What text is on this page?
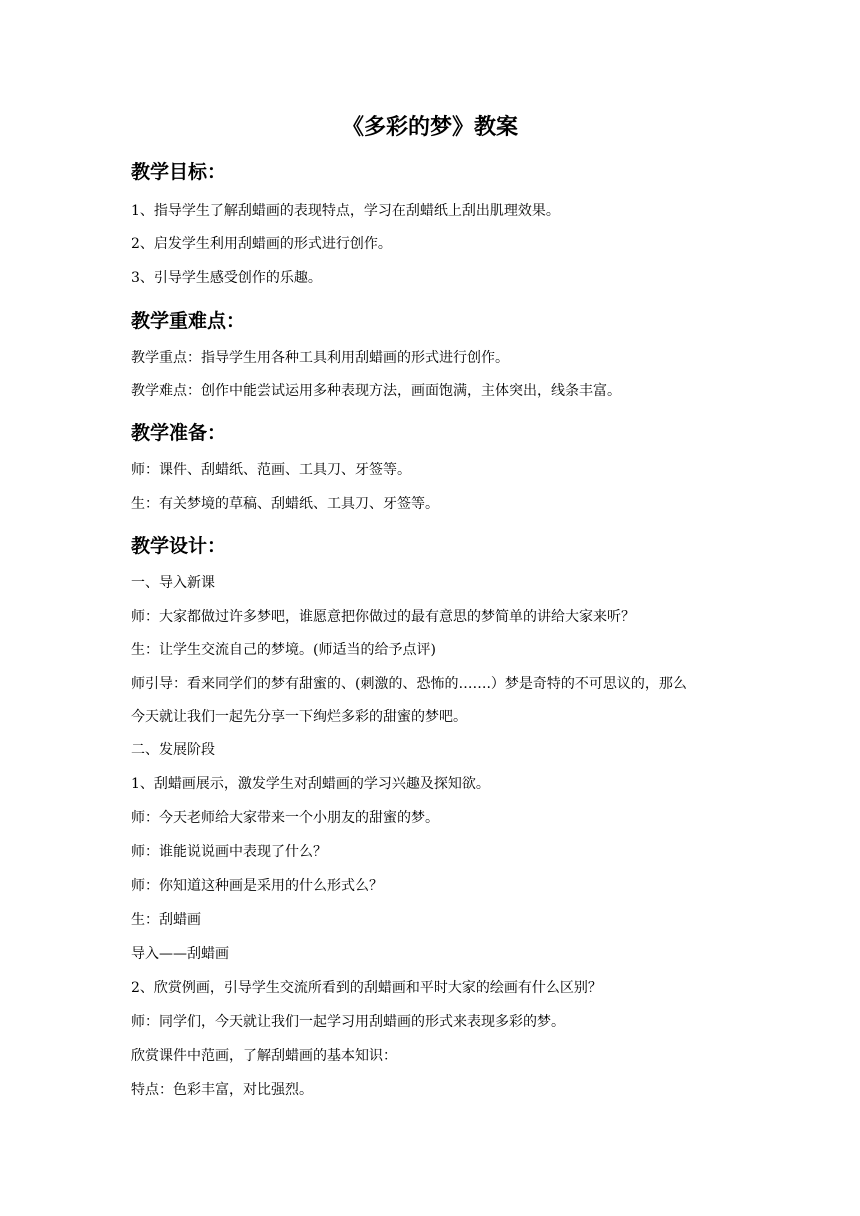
《多彩的梦》教案
教学目标：

1、指导学生了解刮蜡画的表现特点，学习在刮蜡纸上刮出肌理效果。

2、启发学生利用刮蜡画的形式进行创作。

3、引导学生感受创作的乐趣。

教学重难点：

教学重点：指导学生用各种工具利用刮蜡画的形式进行创作。

教学难点：创作中能尝试运用多种表现方法，画面饱满，主体突出，线条丰富。

教学准备：

师：课件、刮蜡纸、范画、工具刀、牙签等。

生：有关梦境的草稿、刮蜡纸、工具刀、牙签等。

教学设计：

一、导入新课

师：大家都做过许多梦吧，谁愿意把你做过的最有意思的梦简单的讲给大家来听？

生：让学生交流自己的梦境。(师适当的给予点评)

师引导：看来同学们的梦有甜蜜的、(刺激的、恐怖的…….）梦是奇特的不可思议的，那么

今天就让我们一起先分享一下绚烂多彩的甜蜜的梦吧。

二、发展阶段

1、刮蜡画展示，激发学生对刮蜡画的学习兴趣及探知欲。

师：今天老师给大家带来一个小朋友的甜蜜的梦。

师：谁能说说画中表现了什么？

师：你知道这种画是采用的什么形式么？

生：刮蜡画

导入——刮蜡画

2、欣赏例画，引导学生交流所看到的刮蜡画和平时大家的绘画有什么区别？

师：同学们，今天就让我们一起学习用刮蜡画的形式来表现多彩的梦。

欣赏课件中范画，了解刮蜡画的基本知识：

特点：色彩丰富，对比强烈。
